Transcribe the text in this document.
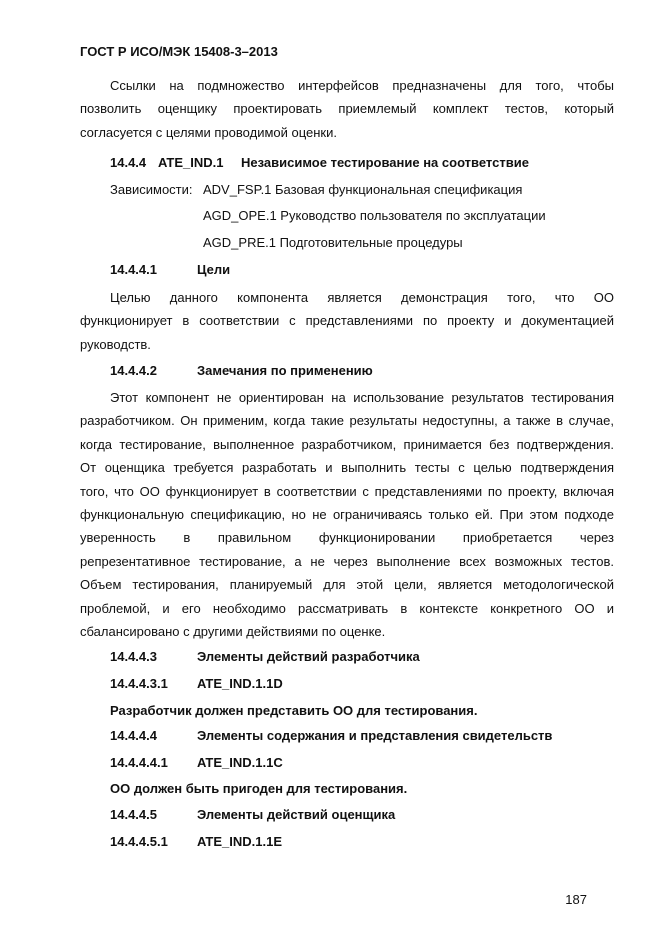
ГОСТ Р ИСО/МЭК 15408-3–2013
Ссылки на подмножество интерфейсов предназначены для того, чтобы
позволить оценщику проектировать приемлемый комплект тестов, который
согласуется с целями проводимой оценки.
14.4.4 ATE_IND.1 Независимое тестирование на соответствие
Зависимости: ADV_FSP.1 Базовая функциональная спецификация
AGD_OPE.1 Руководство пользователя по эксплуатации
AGD_PRE.1 Подготовительные процедуры
14.4.4.1	Цели
Целью данного компонента является демонстрация того, что ОО
функционирует в соответствии с представлениями по проекту и документацией
руководств.
14.4.4.2	Замечания по применению
Этот компонент не ориентирован на использование результатов тестирования
разработчиком. Он применим, когда такие результаты недоступны, а также в случае,
когда тестирование, выполненное разработчиком, принимается без подтверждения.
От оценщика требуется разработать и выполнить тесты с целью подтверждения
того, что ОО функционирует в соответствии с представлениями по проекту, включая
функциональную спецификацию, но не ограничиваясь только ей. При этом подходе
уверенность в правильном функционировании приобретается через
репрезентативное тестирование, а не через выполнение всех возможных тестов.
Объем тестирования, планируемый для этой цели, является методологической
проблемой, и его необходимо рассматривать в контексте конкретного ОО и
сбалансировано с другими действиями по оценке.
14.4.4.3	Элементы действий разработчика
14.4.4.3.1 ATE_IND.1.1D
Разработчик должен представить ОО для тестирования.
14.4.4.4	Элементы содержания и представления свидетельств
14.4.4.4.1 ATE_IND.1.1C
ОО должен быть пригоден для тестирования.
14.4.4.5	Элементы действий оценщика
14.4.4.5.1 ATE_IND.1.1E
187
